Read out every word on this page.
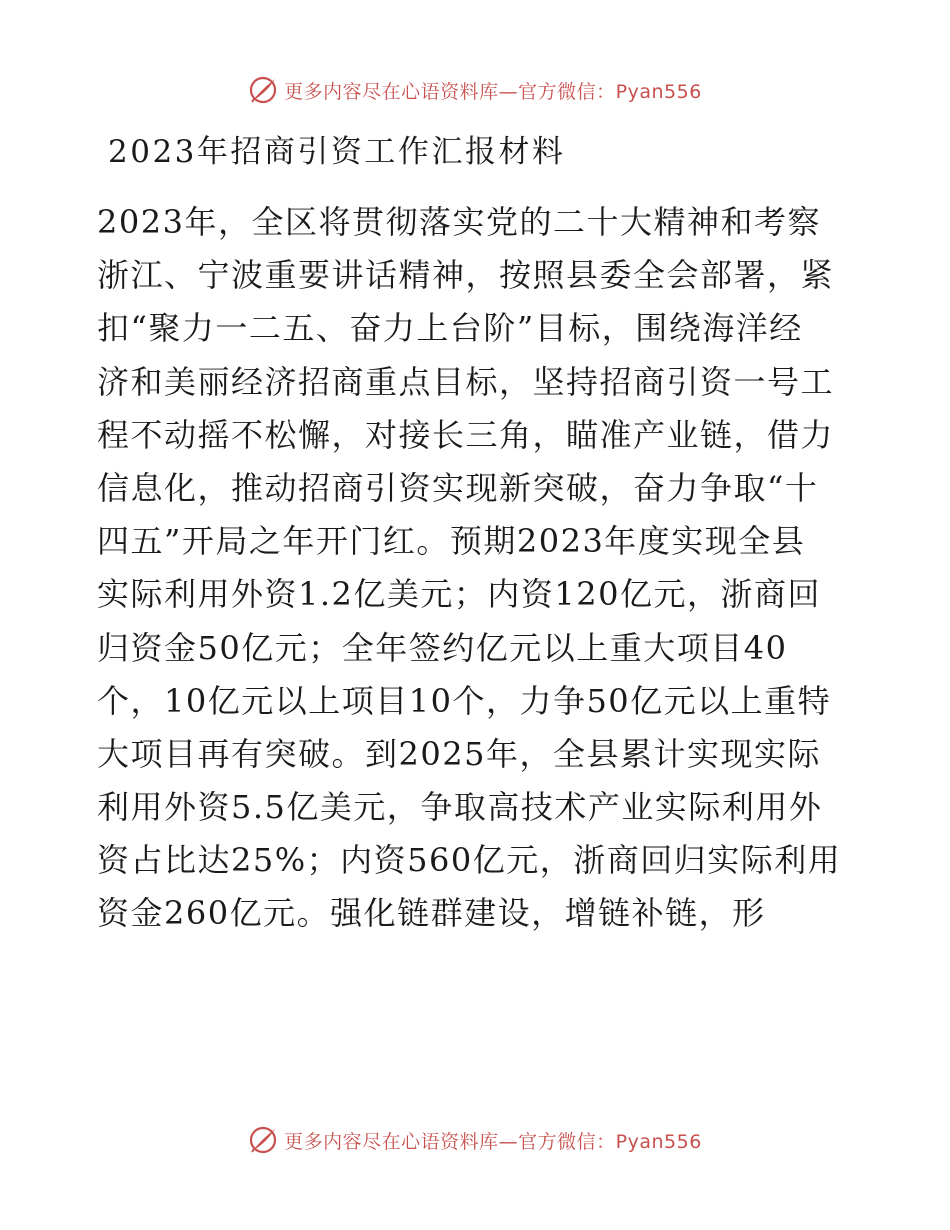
更多内容尽在心语资料库—官方微信：Pyan556
2023年招商引资工作汇报材料
2023年，全区将贯彻落实党的二十大精神和考察
浙江、宁波重要讲话精神，按照县委全会部署，紧
扣“聚力一二五、奋力上台阶”目标，围绕海洋经
济和美丽经济招商重点目标，坚持招商引资一号工
程不动摇不松懈，对接长三角，瞄准产业链，借力
信息化，推动招商引资实现新突破，奋力争取“十
四五”开局之年开门红。预期2023年度实现全县
实际利用外资1.2亿美元；内资120亿元，浙商回
归资金50亿元；全年签约亿元以上重大项目40
个，10亿元以上项目10个，力争50亿元以上重特
大项目再有突破。到2025年，全县累计实现实际
利用外资5.5亿美元，争取高技术产业实际利用外
资占比达25%；内资560亿元，浙商回归实际利用
资金260亿元。强化链群建设，增链补链，形
更多内容尽在心语资料库—官方微信：Pyan556
